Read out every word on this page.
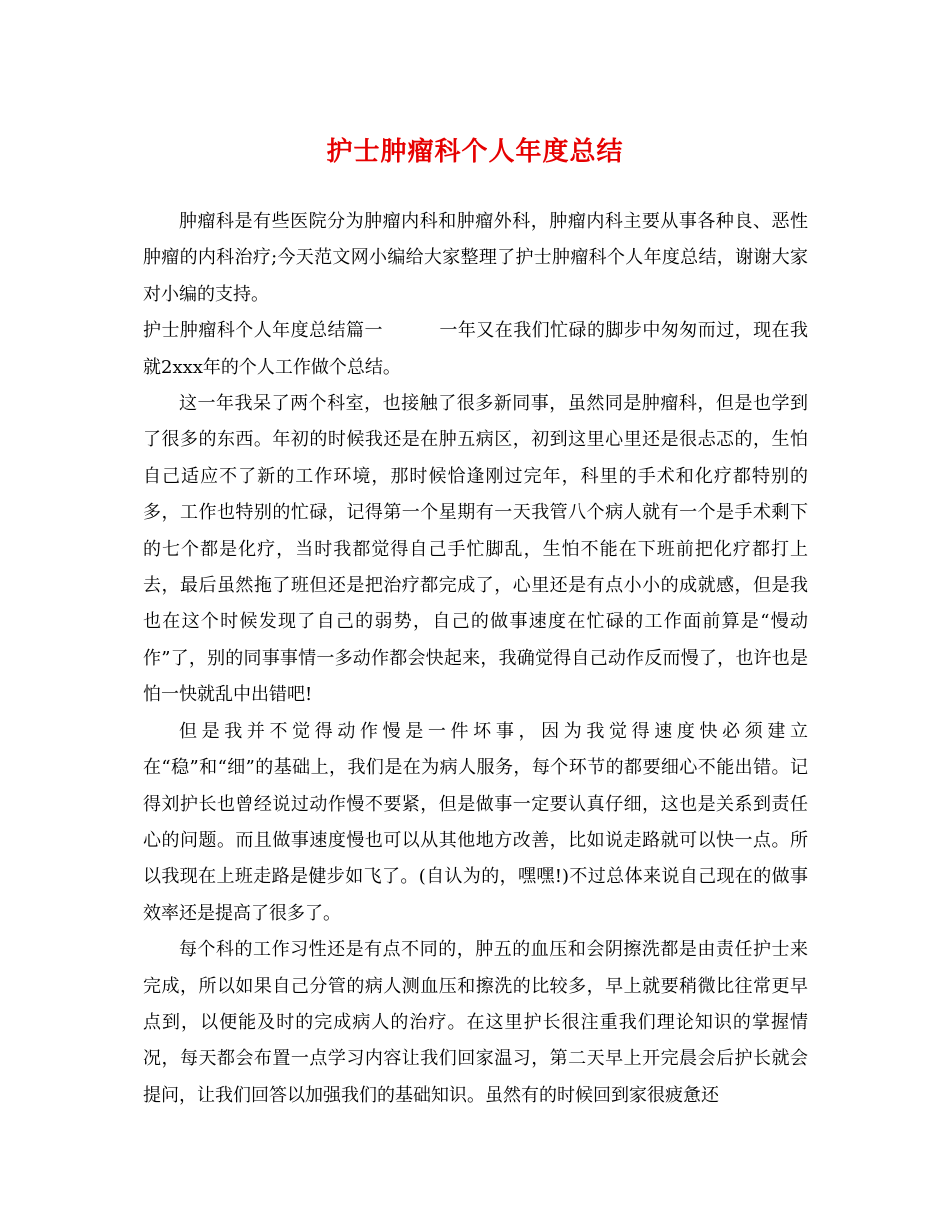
护士肿瘤科个人年度总结

肿瘤科是有些医院分为肿瘤内科和肿瘤外科，肿瘤内科主要从事各种良、恶性肿瘤的内科治疗;今天范文网小编给大家整理了护士肿瘤科个人年度总结，谢谢大家对小编的支持。

护士肿瘤科个人年度总结篇一	一年又在我们忙碌的脚步中匆匆而过，现在我就2xxx年的个人工作做个总结。

这一年我呆了两个科室，也接触了很多新同事，虽然同是肿瘤科，但是也学到了很多的东西。年初的时候我还是在肿五病区，初到这里心里还是很忐忑的，生怕自己适应不了新的工作环境，那时候恰逢刚过完年，科里的手术和化疗都特别的多，工作也特别的忙碌，记得第一个星期有一天我管八个病人就有一个是手术剩下的七个都是化疗，当时我都觉得自己手忙脚乱，生怕不能在下班前把化疗都打上去，最后虽然拖了班但还是把治疗都完成了，心里还是有点小小的成就感，但是我也在这个时候发现了自己的弱势，自己的做事速度在忙碌的工作面前算是“慢动作”了，别的同事事情一多动作都会快起来，我确觉得自己动作反而慢了，也许也是怕一快就乱中出错吧!

但是我并不觉得动作慢是一件坏事，因为我觉得速度快必须建立在“稳”和“细”的基础上，我们是在为病人服务，每个环节的都要细心不能出错。记得刘护长也曾经说过动作慢不要紧，但是做事一定要认真仔细，这也是关系到责任心的问题。而且做事速度慢也可以从其他地方改善，比如说走路就可以快一点。所以我现在上班走路是健步如飞了。(自认为的，嘿嘿!)不过总体来说自己现在的做事效率还是提高了很多了。

每个科的工作习性还是有点不同的，肿五的血压和会阴擦洗都是由责任护士来完成，所以如果自己分管的病人测血压和擦洗的比较多，早上就要稍微比往常更早点到，以便能及时的完成病人的治疗。在这里护长很注重我们理论知识的掌握情况，每天都会布置一点学习内容让我们回家温习，第二天早上开完晨会后护长就会提问，让我们回答以加强我们的基础知识。虽然有的时候回到家很疲惫还
